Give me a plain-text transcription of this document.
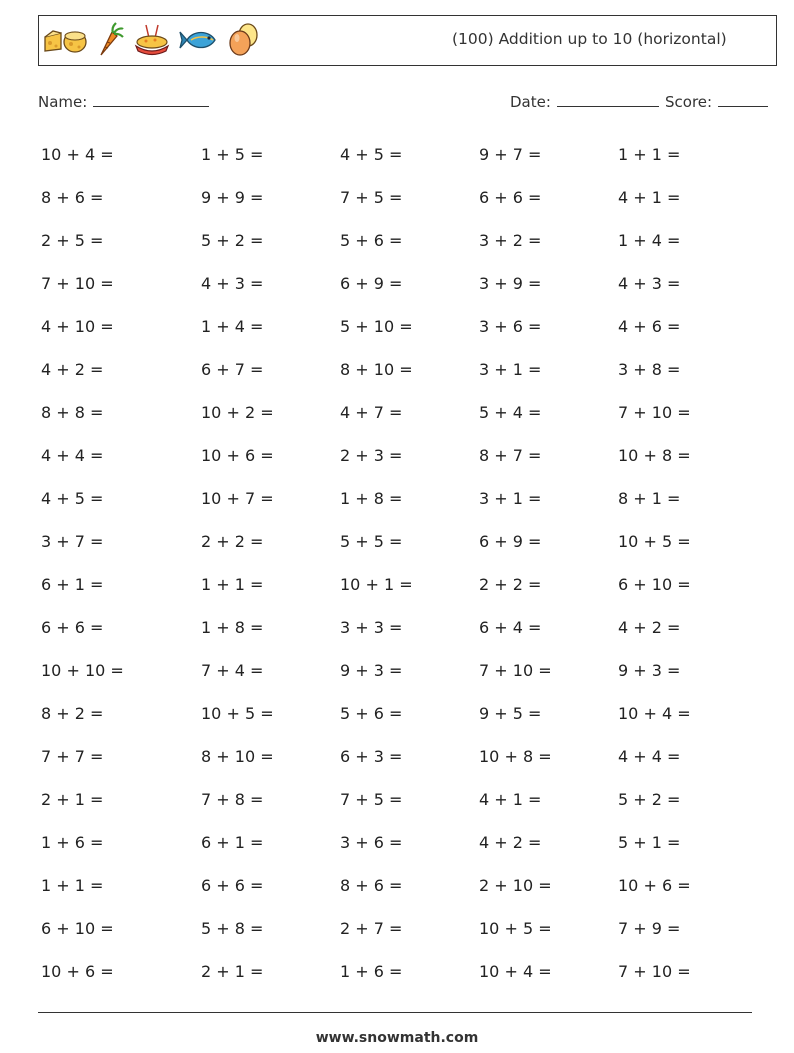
(100) Addition up to 10 (horizontal)
Name:	Date:	Score:
10 + 4 =	1 + 5 =	4 + 5 =	9 + 7 =	1 + 1 =
8 + 6 =	9 + 9 =	7 + 5 =	6 + 6 =	4 + 1 =
2 + 5 =	5 + 2 =	5 + 6 =	3 + 2 =	1 + 4 =
7 + 10 =	4 + 3 =	6 + 9 =	3 + 9 =	4 + 3 =
4 + 10 =	1 + 4 =	5 + 10 =	3 + 6 =	4 + 6 =
4 + 2 =	6 + 7 =	8 + 10 =	3 + 1 =	3 + 8 =
8 + 8 =	10 + 2 =	4 + 7 =	5 + 4 =	7 + 10 =
4 + 4 =	10 + 6 =	2 + 3 =	8 + 7 =	10 + 8 =
4 + 5 =	10 + 7 =	1 + 8 =	3 + 1 =	8 + 1 =
3 + 7 =	2 + 2 =	5 + 5 =	6 + 9 =	10 + 5 =
6 + 1 =	1 + 1 =	10 + 1 =	2 + 2 =	6 + 10 =
6 + 6 =	1 + 8 =	3 + 3 =	6 + 4 =	4 + 2 =
10 + 10 =	7 + 4 =	9 + 3 =	7 + 10 =	9 + 3 =
8 + 2 =	10 + 5 =	5 + 6 =	9 + 5 =	10 + 4 =
7 + 7 =	8 + 10 =	6 + 3 =	10 + 8 =	4 + 4 =
2 + 1 =	7 + 8 =	7 + 5 =	4 + 1 =	5 + 2 =
1 + 6 =	6 + 1 =	3 + 6 =	4 + 2 =	5 + 1 =
1 + 1 =	6 + 6 =	8 + 6 =	2 + 10 =	10 + 6 =
6 + 10 =	5 + 8 =	2 + 7 =	10 + 5 =	7 + 9 =
10 + 6 =	2 + 1 =	1 + 6 =	10 + 4 =	7 + 10 =
www.snowmath.com
